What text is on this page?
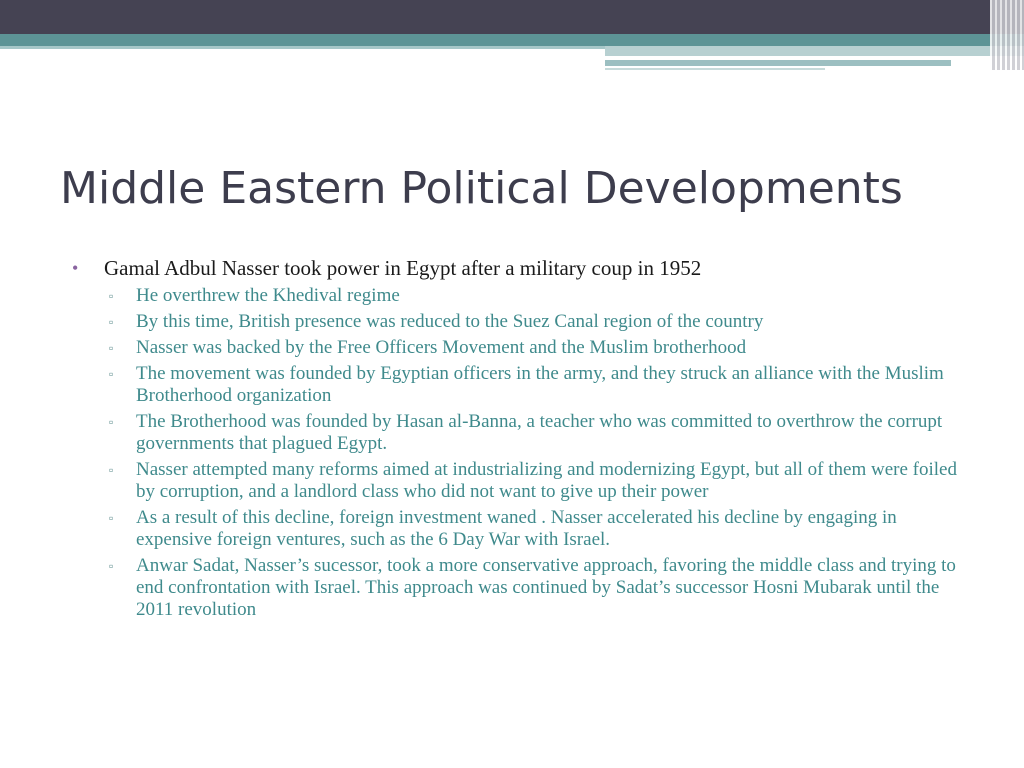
Middle Eastern Political Developments
• Gamal Adbul Nasser took power in Egypt after a military coup in 1952
▫ He overthrew the Khedival regime
▫ By this time, British presence was reduced to the Suez Canal region of the country
▫ Nasser was backed by the Free Officers Movement and the Muslim brotherhood
▫ The movement was founded by Egyptian officers in the army, and they struck an alliance with the Muslim Brotherhood organization
▫ The Brotherhood was founded by Hasan al-Banna, a teacher who was committed to overthrow the corrupt governments that plagued Egypt.
▫ Nasser attempted many reforms aimed at industrializing and modernizing Egypt, but all of them were foiled by corruption, and a landlord class who did not want to give up their power
▫ As a result of this decline, foreign investment waned . Nasser accelerated his decline by engaging in expensive foreign ventures, such as the 6 Day War with Israel.
▫ Anwar Sadat, Nasser’s sucessor, took a more conservative approach, favoring the middle class and trying to end confrontation with Israel. This approach was continued by Sadat’s successor Hosni Mubarak until the 2011 revolution
